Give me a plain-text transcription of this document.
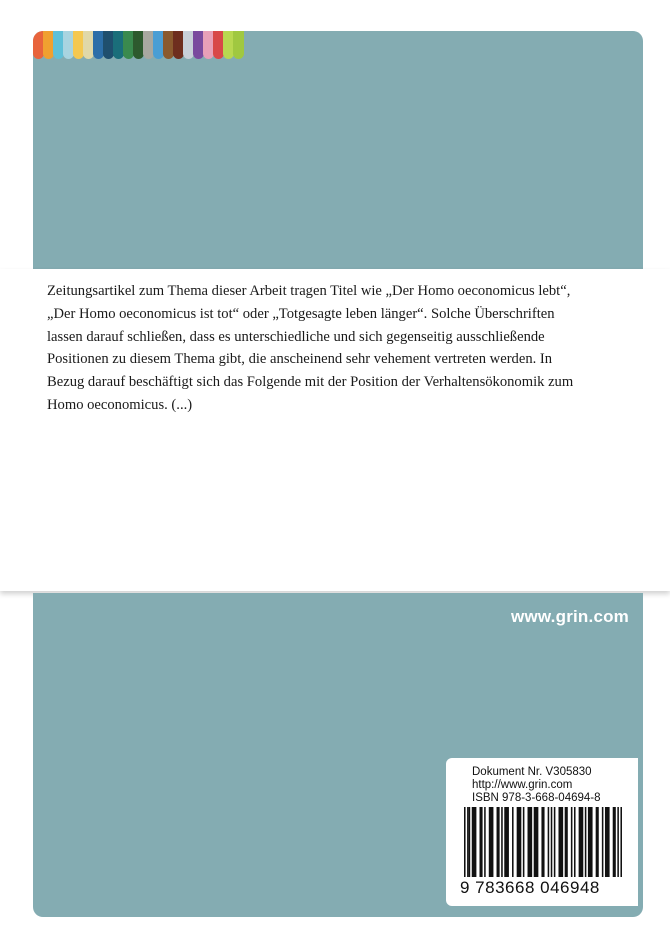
Zeitungsartikel zum Thema dieser Arbeit tragen Titel wie „Der Homo oeconomicus lebt“,
„Der Homo oeconomicus ist tot“ oder „Totgesagte leben länger“. Solche Überschriften
lassen darauf schließen, dass es unterschiedliche und sich gegenseitig ausschließende
Positionen zu diesem Thema gibt, die anscheinend sehr vehement vertreten werden. In
Bezug darauf beschäftigt sich das Folgende mit der Position der Verhaltensökonomik zum
Homo oeconomicus. (...)

www.grin.com
Dokument Nr. V305830
http://www.grin.com
ISBN 978-3-668-04694-8
9 783668 046948
